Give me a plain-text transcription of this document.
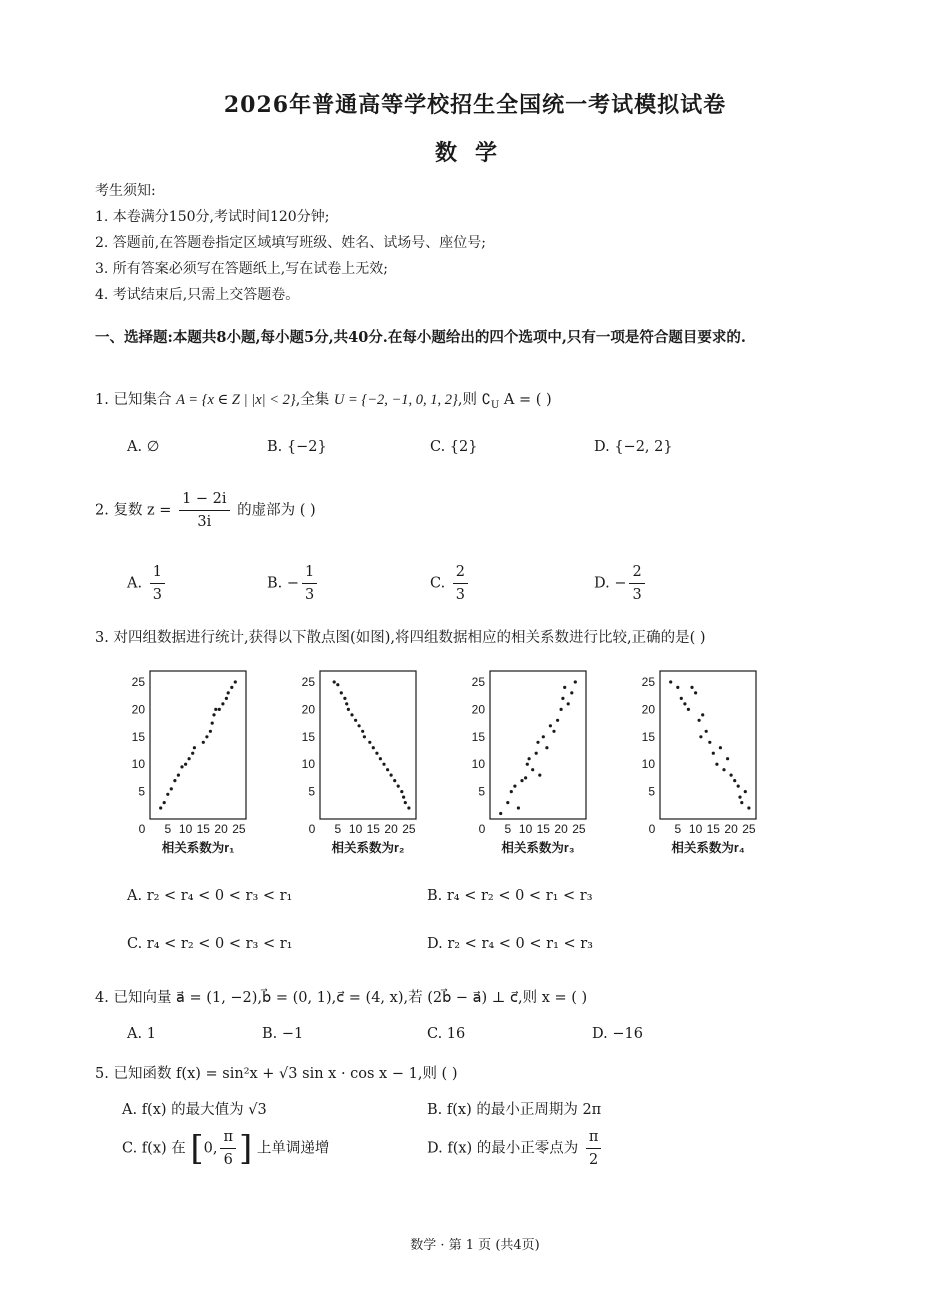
2026年普通高等学校招生全国统一考试模拟试卷
数学
考生须知:
1. 本卷满分150分,考试时间120分钟;
2. 答题前,在答题卷指定区域填写班级、姓名、试场号、座位号;
3. 所有答案必须写在答题纸上,写在试卷上无效;
4. 考试结束后,只需上交答题卷。
一、选择题:本题共8小题,每小题5分,共40分.在每小题给出的四个选项中,只有一项是符合题目要求的.
1. 已知集合 A = {x ∈ Z | |x| < 2},全集 U = {−2, −1, 0, 1, 2},则 $∁_U$ A = ( )
A. ∅	B. {−2}	C. {2}	D. {−2, 2}
2. 复数 $z = \frac{1 - 2i}{3i}$ 的虚部为 ( )
A. $\frac{1}{3}$	B. − $\frac{1}{3}$	C. $\frac{2}{3}$	D. − $\frac{2}{3}$
3. 对四组数据进行统计,获得以下散点图(如图),将四组数据相应的相关系数进行比较,正确的是( )
5
10
15
20
25
0 5 10 15 20 25
相关系数为r₁
5
10
15
20
25
0 5 10 15 20 25
相关系数为r₂
5
10
15
20
25
0 5 10 15 20 25
相关系数为r₃
5
10
15
20
25
0 5 10 15 20 25
相关系数为r₄
A. r₂ < r₄ < 0 < r₃ < r₁	B. r₄ < r₂ < 0 < r₁ < r₃
C. r₄ < r₂ < 0 < r₃ < r₁	D. r₂ < r₄ < 0 < r₁ < r₃
4. 已知向量 a⃗ = (1, −2),b⃗ = (0, 1),c⃗ = (4, x),若 (2b⃗ − a⃗) ⊥ c⃗,则 x = ( )
A. 1	B. −1	C. 16	D. −16
5. 已知函数 f(x) = sin²x + √3 sin x · cos x − 1,则 ( )
A. f(x) 的最大值为 √3	B. f(x) 的最小正周期为 2π
C. f(x) 在 [0, $\frac{\pi}{6}$ ] 上单调递增	D. f(x) 的最小正零点为 $\frac{\pi}{2}$
数学 · 第 1 页 (共4页)
